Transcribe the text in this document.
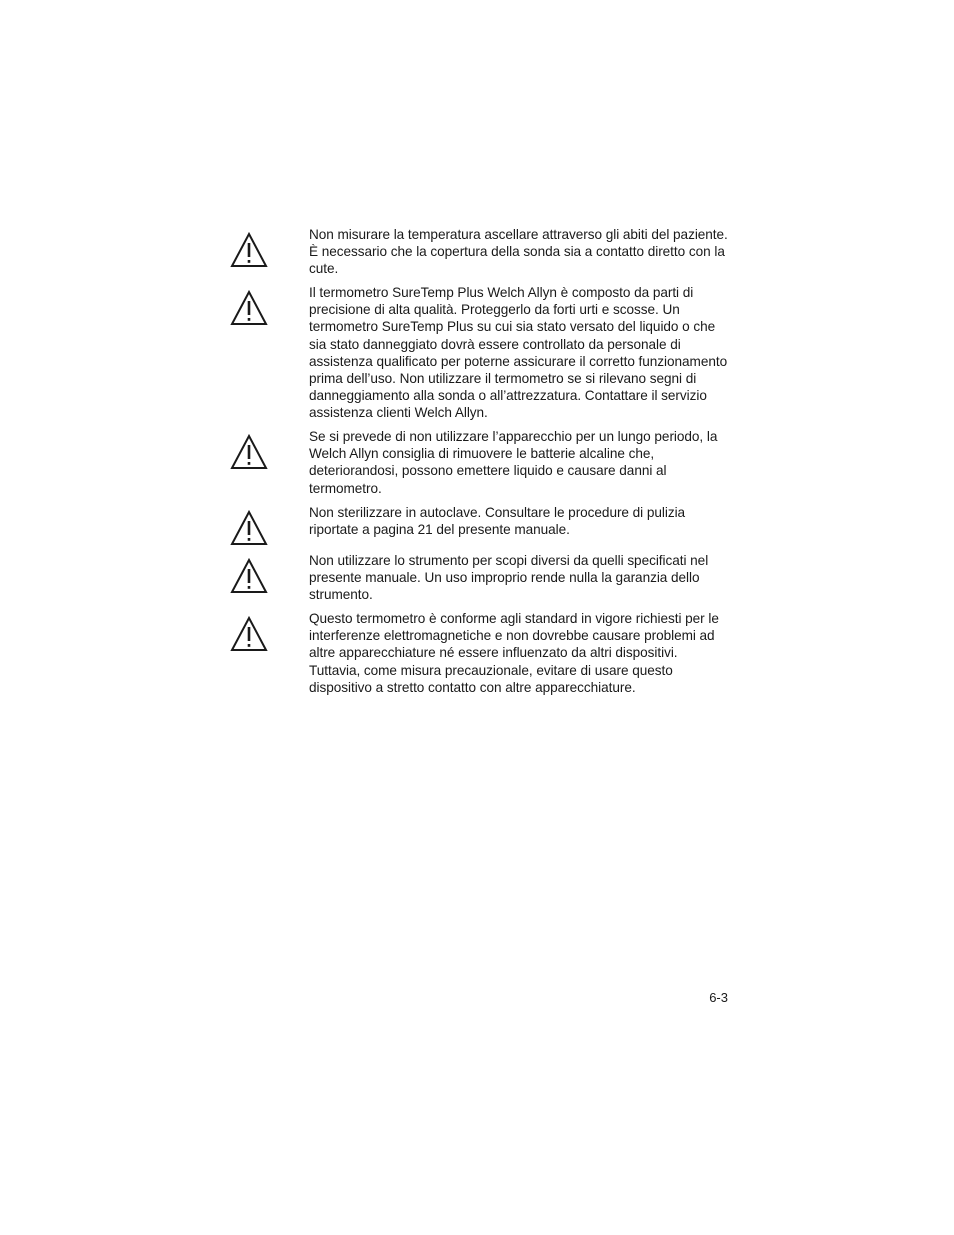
Non misurare la temperatura ascellare attraverso gli abiti del paziente. È necessario che la copertura della sonda sia a contatto diretto con la cute.

Il termometro SureTemp Plus Welch Allyn è composto da parti di precisione di alta qualità. Proteggerlo da forti urti e scosse. Un termometro SureTemp Plus su cui sia stato versato del liquido o che sia stato danneggiato dovrà essere controllato da personale di assistenza qualificato per poterne assicurare il corretto funzionamento prima dell’uso. Non utilizzare il termometro se si rilevano segni di danneggiamento alla sonda o all’attrezzatura. Contattare il servizio assistenza clienti Welch Allyn.

Se si prevede di non utilizzare l’apparecchio per un lungo periodo, la Welch Allyn consiglia di rimuovere le batterie alcaline che, deteriorandosi, possono emettere liquido e causare danni al termometro.

Non sterilizzare in autoclave. Consultare le procedure di pulizia riportate a pagina 21 del presente manuale.

Non utilizzare lo strumento per scopi diversi da quelli specificati nel presente manuale. Un uso improprio rende nulla la garanzia dello strumento.

Questo termometro è conforme agli standard in vigore richiesti per le interferenze elettromagnetiche e non dovrebbe causare problemi ad altre apparecchiature né essere influenzato da altri dispositivi. Tuttavia, come misura precauzionale, evitare di usare questo dispositivo a stretto contatto con altre apparecchiature.

6-3
